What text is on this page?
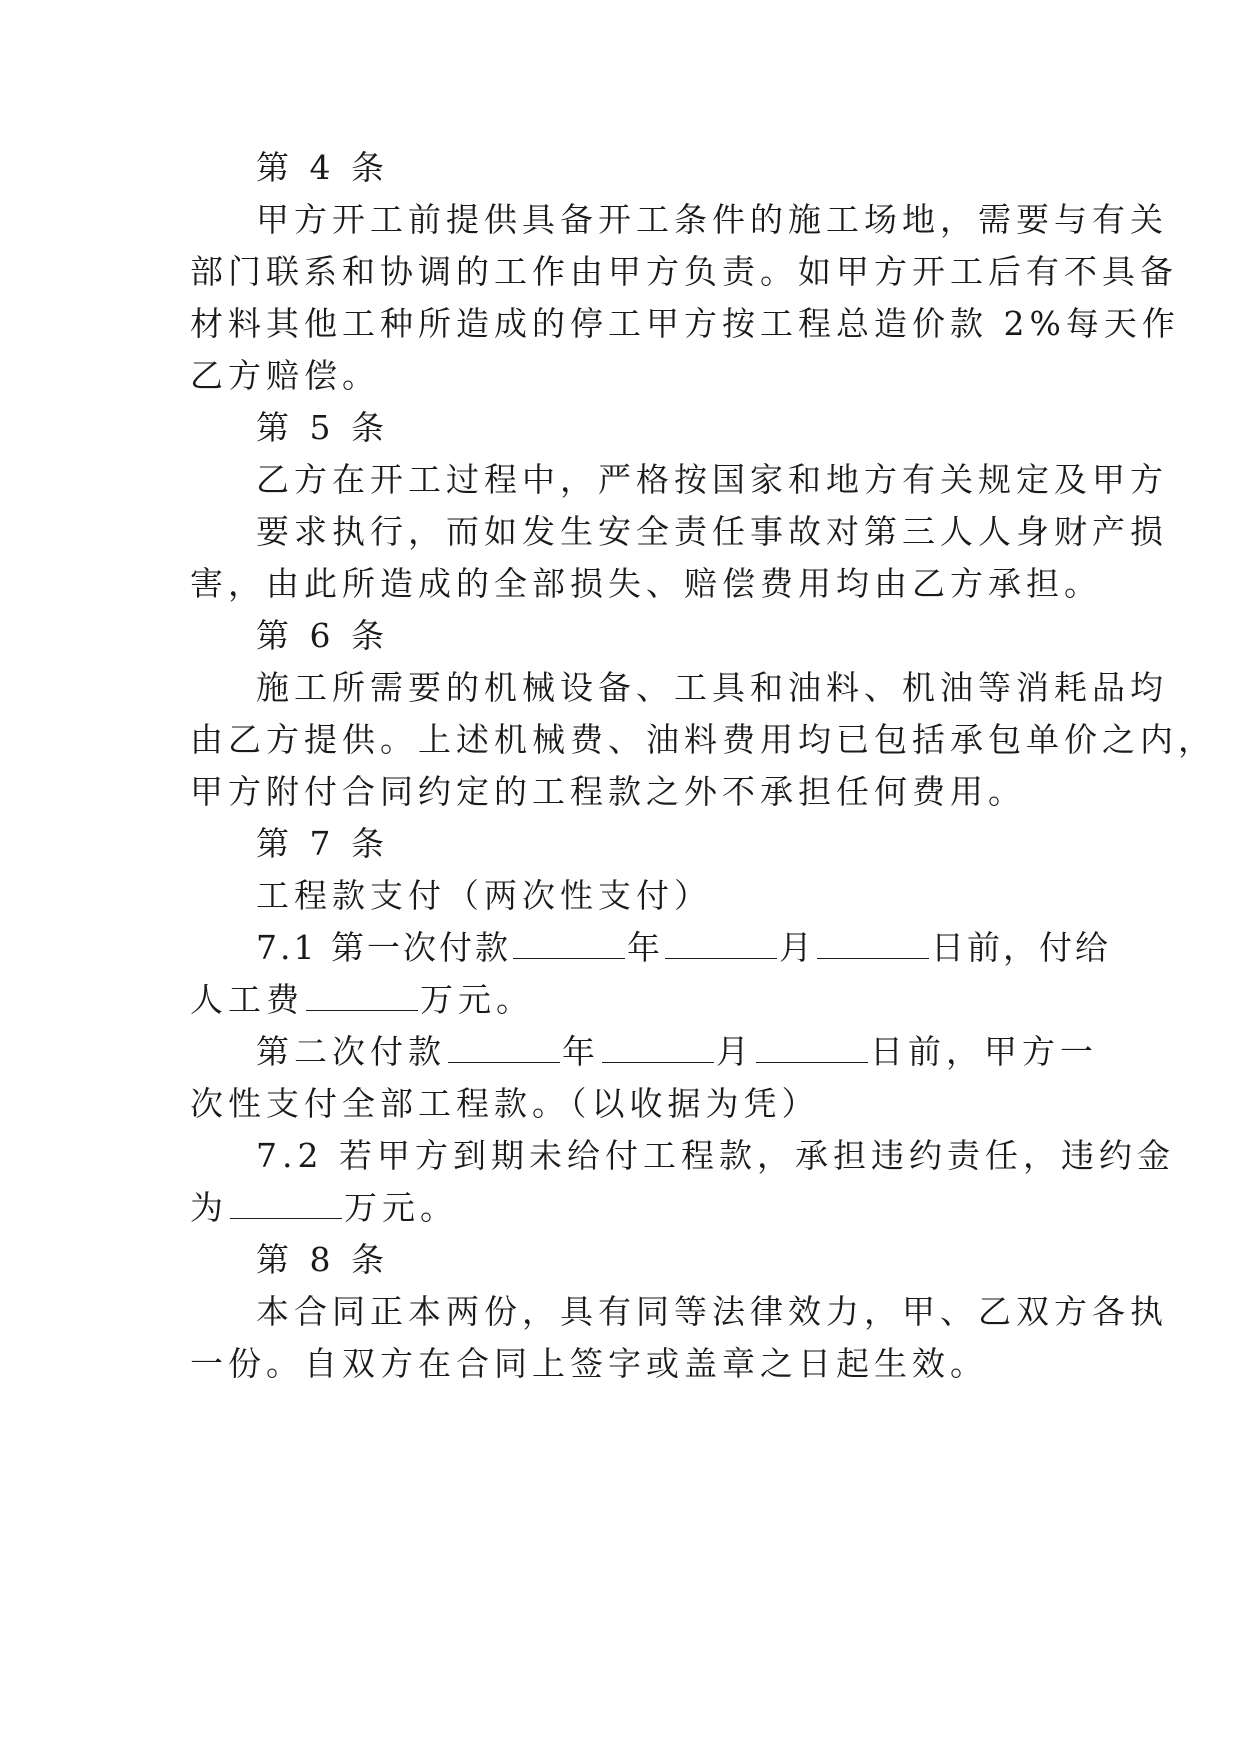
第 4 条
甲方开工前提供具备开工条件的施工场地，需要与有关
部门联系和协调的工作由甲方负责。如甲方开工后有不具备
材料其他工种所造成的停工甲方按工程总造价款 2%每天作
乙方赔偿。
第 5 条
乙方在开工过程中，严格按国家和地方有关规定及甲方
要求执行，而如发生安全责任事故对第三人人身财产损
害，由此所造成的全部损失、赔偿费用均由乙方承担。
第 6 条
施工所需要的机械设备、工具和油料、机油等消耗品均
由乙方提供。上述机械费、油料费用均已包括承包单价之内，
甲方附付合同约定的工程款之外不承担任何费用。
第 7 条
工程款支付（两次性支付）
7.1 第一次付款	年	月	日前，付给
人工费	万元。
第二次付款	年	月	日前，甲方一
次性支付全部工程款。（以收据为凭）
7.2 若甲方到期未给付工程款，承担违约责任，违约金
为	万元。
第 8 条
本合同正本两份，具有同等法律效力，甲、乙双方各执
一份。自双方在合同上签字或盖章之日起生效。
